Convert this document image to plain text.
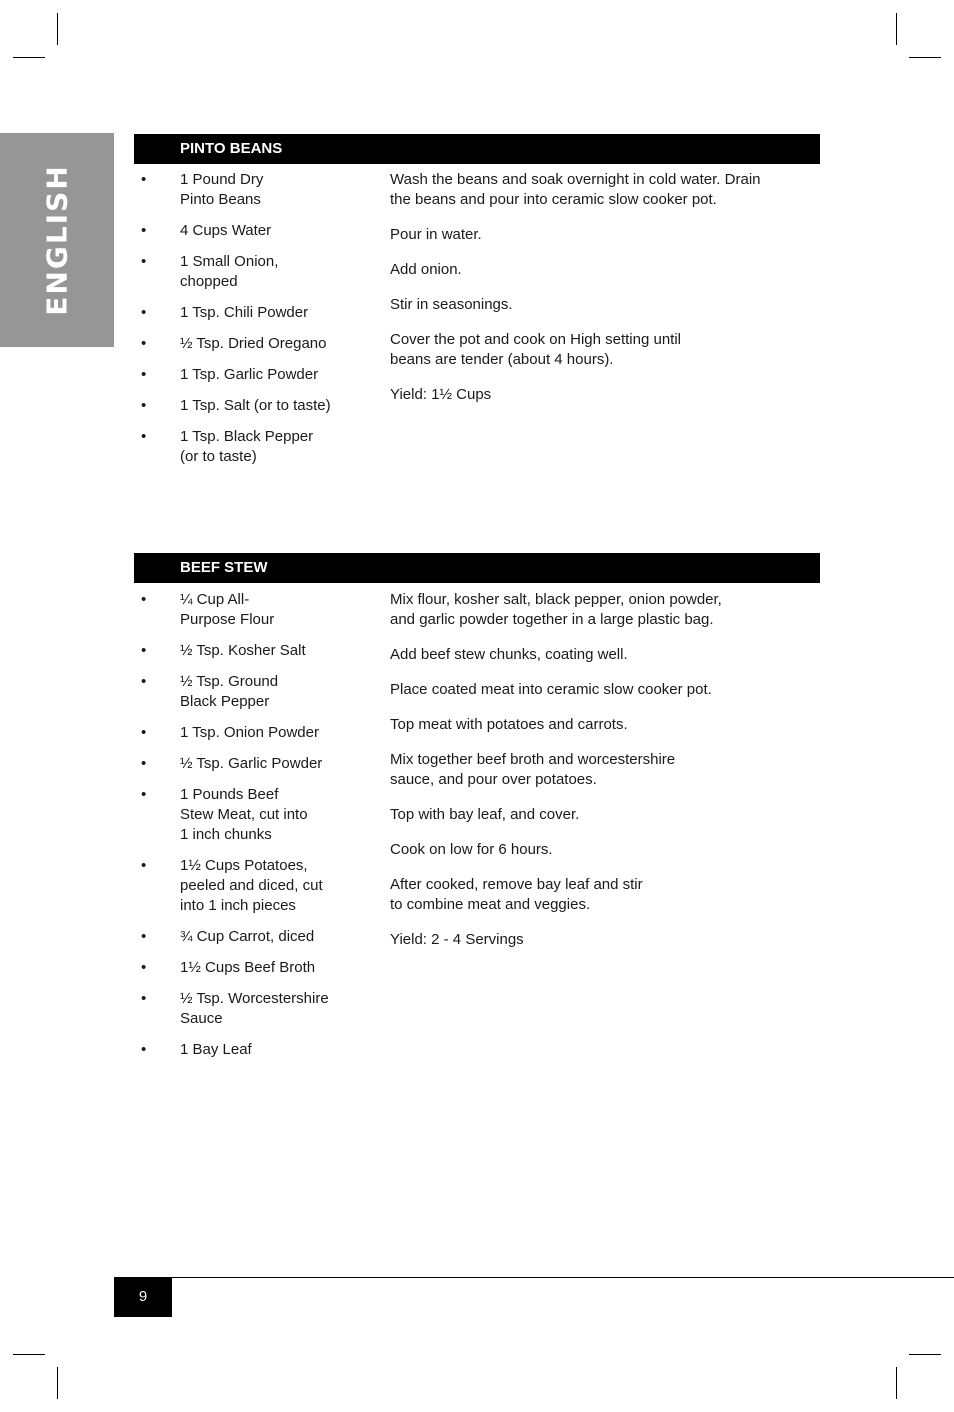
ENGLISH
PINTO BEANS
• 1 Pound Dry
Pinto Beans
• 4 Cups Water
• 1 Small Onion,
chopped
• 1 Tsp. Chili Powder
• ½ Tsp. Dried Oregano
• 1 Tsp. Garlic Powder
• 1 Tsp. Salt (or to taste)
• 1 Tsp. Black Pepper
(or to taste)

Wash the beans and soak overnight in cold water. Drain
the beans and pour into ceramic slow cooker pot.

Pour in water.

Add onion.

Stir in seasonings.

Cover the pot and cook on High setting until
beans are tender (about 4 hours).

Yield: 1½ Cups

BEEF STEW
• ¼ Cup All-
Purpose Flour
• ½ Tsp. Kosher Salt
• ½ Tsp. Ground
Black Pepper
• 1 Tsp. Onion Powder
• ½ Tsp. Garlic Powder
• 1 Pounds Beef
Stew Meat, cut into
1 inch chunks
• 1½ Cups Potatoes,
peeled and diced, cut
into 1 inch pieces
• ¾ Cup Carrot, diced
• 1½ Cups Beef Broth
• ½ Tsp. Worcestershire
Sauce
• 1 Bay Leaf

Mix flour, kosher salt, black pepper, onion powder,
and garlic powder together in a large plastic bag.

Add beef stew chunks, coating well.

Place coated meat into ceramic slow cooker pot.

Top meat with potatoes and carrots.

Mix together beef broth and worcestershire
sauce, and pour over potatoes.

Top with bay leaf, and cover.

Cook on low for 6 hours.

After cooked, remove bay leaf and stir
to combine meat and veggies.

Yield: 2 - 4 Servings

9
